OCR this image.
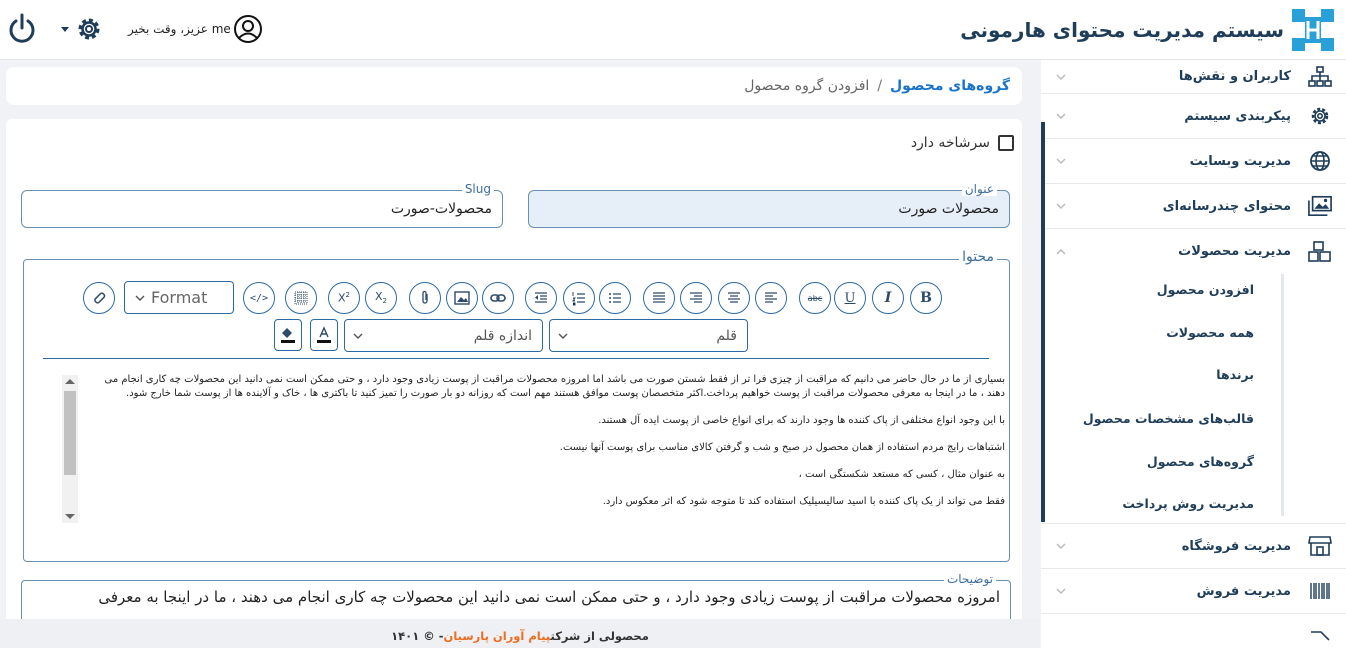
سیستم مدیریت محتوای هارمونی
me عزیز، وقت بخیر
کاربران و نقش‌ها
پیکربندی سیستم
مدیریت وبسایت
محتوای چندرسانه‌ای
مدیریت محصولات
افزودن محصول
همه محصولات
برندها
قالب‌های مشخصات محصول
گروه‌های محصول
مدیریت روش پرداخت
مدیریت فروشگاه
مدیریت فروش
گروه‌های محصول
/
افزودن گروه محصول
سرشاخه دارد
عنوان
محصولات صورت
Slug
محصولات-صورت
محتوا
B
I
U
abc
$X_2$
$X^2$
</>
Format
قلم
اندازه قلم

بسیاری از ما در حال حاضر می دانیم که مراقبت از چیزی فرا تر از فقط شستن صورت می باشد اما امروزه محصولات مراقبت از پوست زیادی وجود دارد ، و حتی ممکن است نمی دانید این محصولات چه کاری انجام می دهند ، ما در اینجا به معرفی محصولات مراقبت از پوست خواهیم پرداخت.اکثر متخصصان پوست موافق هستند مهم است که روزانه دو بار صورت را تمیز کنید تا باکتری ها ، خاک و آلاینده ها از پوست شما خارج شود.

با این وجود انواع مختلفی از پاک کننده ها وجود دارند که برای انواع خاصی از پوست ایده آل هستند.

اشتباهات رایج مردم استفاده از همان محصول در صبح و شب و گرفتن کالای مناسب برای پوست آنها نیست.

به عنوان مثال ، کسی که مستعد شکستگی است ،

فقط می تواند از یک پاک کننده با اسید سالیسیلیک استفاده کند تا متوجه شود که اثر معکوس دارد.

توضیحات
امروزه محصولات مراقبت از پوست زیادی وجود دارد ، و حتی ممکن است نمی دانید این محصولات چه کاری انجام می دهند ، ما در اینجا به معرفی
محصولی از شرکتپیام آوران پارسیان- © ۱۴۰۱
